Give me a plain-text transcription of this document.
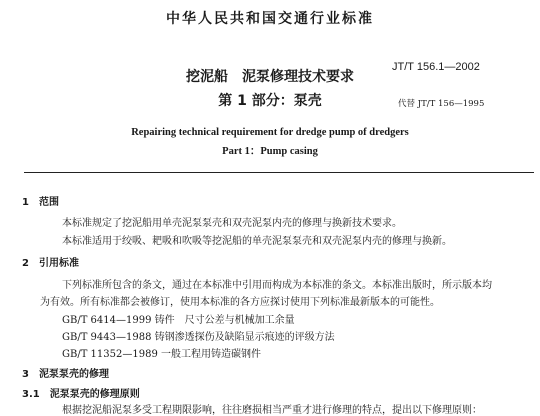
中华人民共和国交通行业标准
JT/T 156.1—2002
挖泥船　泥泵修理技术要求
第 1 部分：泵壳	代替 JT/T 156—1995
Repairing technical requirement for dredge pump of dredgers
Part 1：Pump casing
1　范围
本标准规定了挖泥船用单壳泥泵泵壳和双壳泥泵内壳的修理与换新技术要求。
本标准适用于绞吸、耙吸和吹吸等挖泥船的单壳泥泵泵壳和双壳泥泵内壳的修理与换新。
2　引用标准
下列标准所包含的条文，通过在本标准中引用而构成为本标准的条文。本标准出版时，所示版本均
为有效。所有标准都会被修订，使用本标准的各方应探讨使用下列标准最新版本的可能性。
GB/T 6414—1999 铸件　尺寸公差与机械加工余量
GB/T 9443—1988 铸钢渗透探伤及缺陷显示痕迹的评级方法
GB/T 11352—1989 一般工程用铸造碳钢件
3　泥泵泵壳的修理
3.1　泥泵泵壳的修理原则
根据挖泥船泥泵多受工程期限影响，往往磨损相当严重才进行修理的特点，提出以下修理原则：
